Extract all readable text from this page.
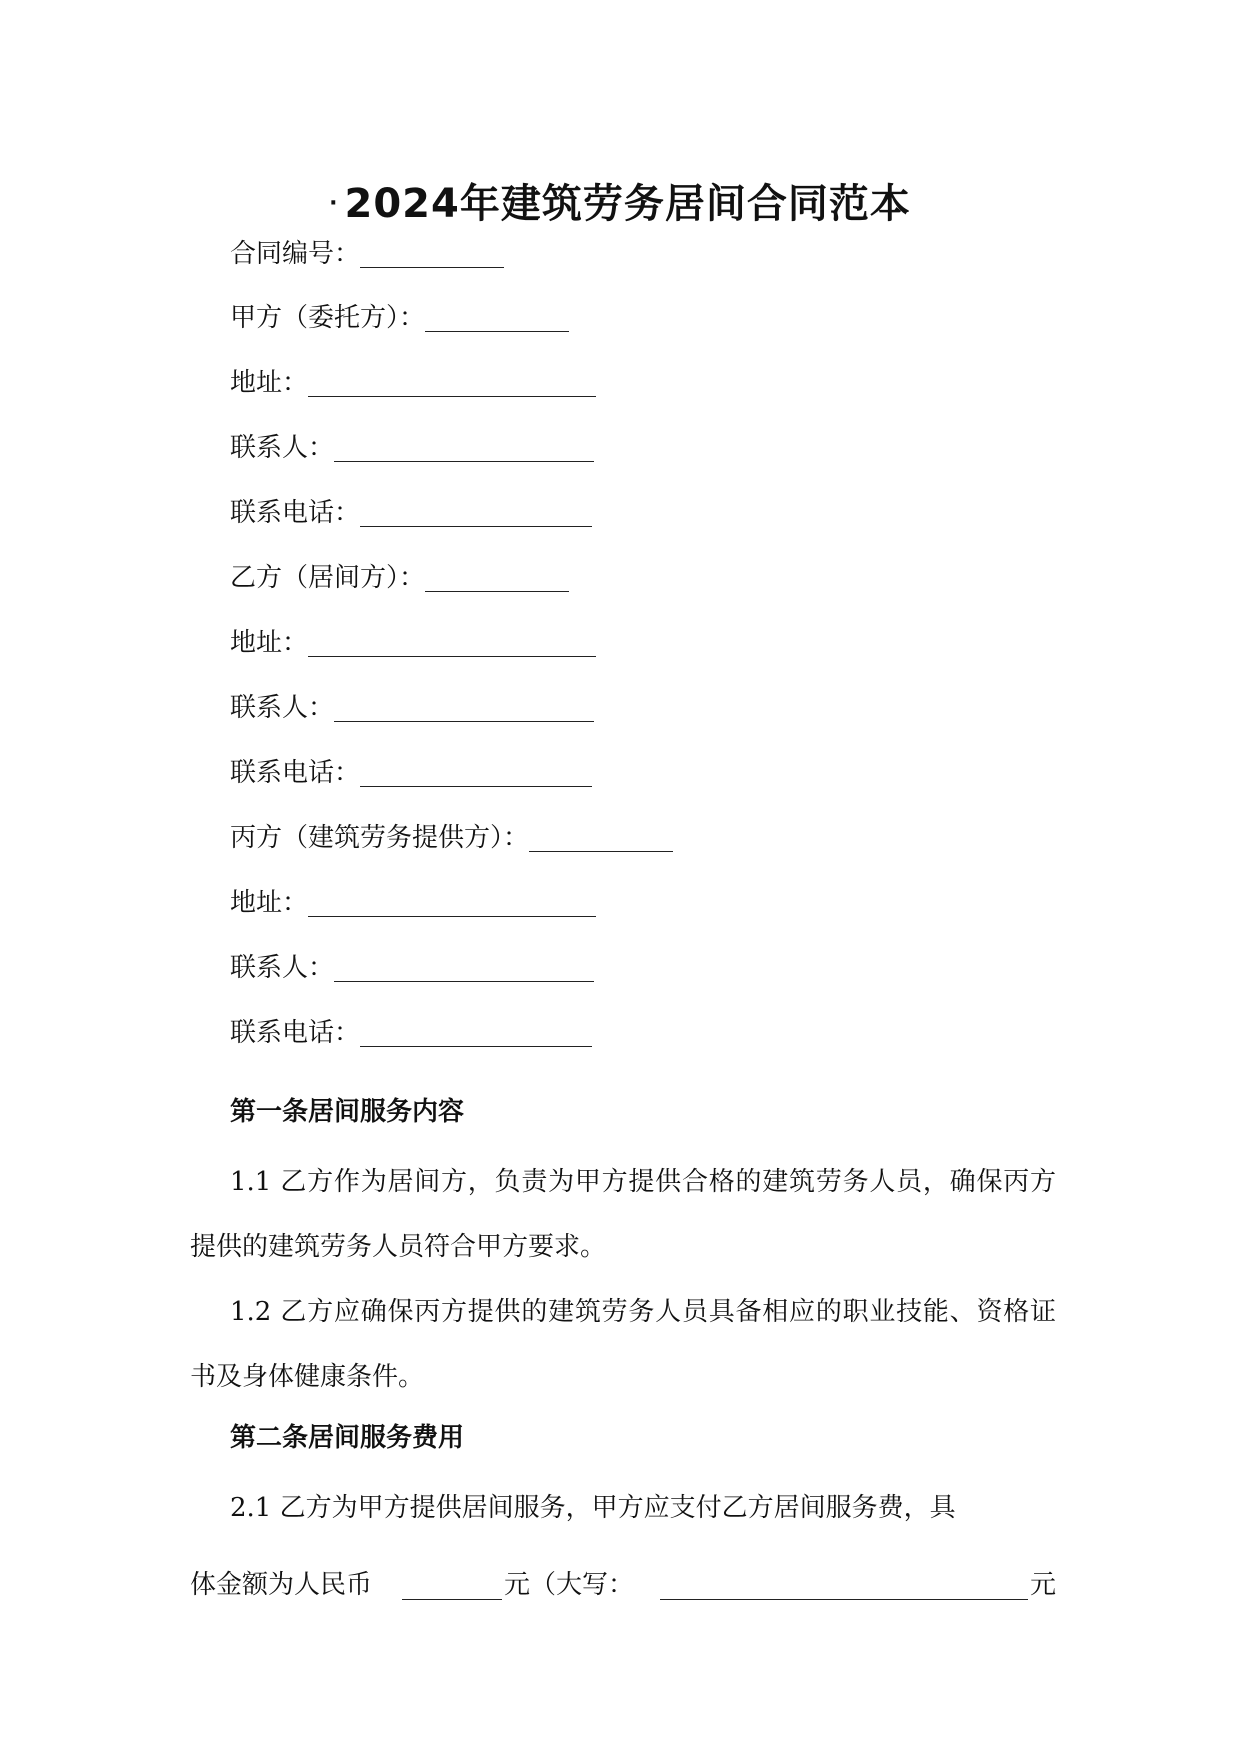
· 2024年建筑劳务居间合同范本
合同编号：
甲方（委托方）：
地址：
联系人：
联系电话：
乙方（居间方）：
地址：
联系人：
联系电话：
丙方（建筑劳务提供方）：
地址：
联系人：
联系电话：
第一条居间服务内容
1.1 乙方作为居间方，负责为甲方提供合格的建筑劳务人员，确保丙方提供的建筑劳务人员符合甲方要求。
1.2 乙方应确保丙方提供的建筑劳务人员具备相应的职业技能、资格证书及身体健康条件。
第二条居间服务费用
2.1 乙方为甲方提供居间服务，甲方应支付乙方居间服务费，具
体金额为人民币	元（大写：	元
